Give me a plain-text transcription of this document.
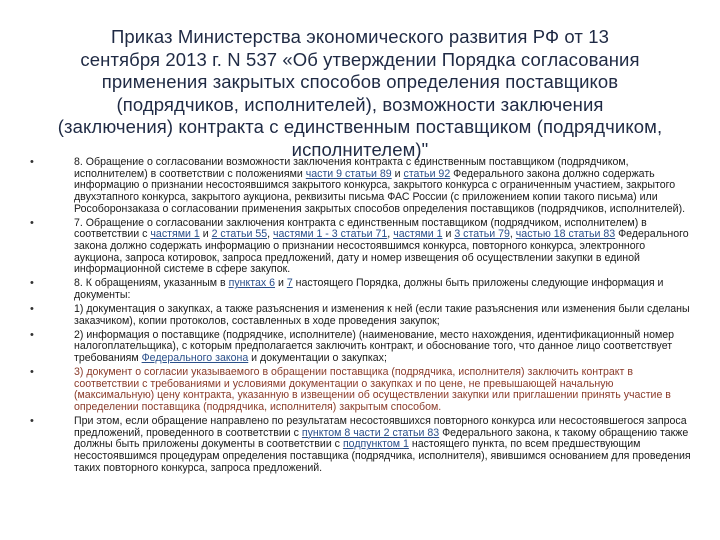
Приказ Министерства экономического развития РФ от 13
сентября 2013 г. N 537 «Об утверждении Порядка согласования
применения закрытых способов определения поставщиков
(подрядчиков, исполнителей), возможности заключения
(заключения) контракта с единственным поставщиком (подрядчиком,
исполнителем)"
•	8. Обращение о согласовании возможности заключения контракта с единственным поставщиком (подрядчиком, исполнителем) в соответствии с положениями части 9 статьи 89 и статьи 92 Федерального закона должно содержать информацию о признании несостоявшимся закрытого конкурса, закрытого конкурса с ограниченным участием, закрытого двухэтапного конкурса, закрытого аукциона, реквизиты письма ФАС России (с приложением копии такого письма) или Рособоронзаказа о согласовании применения закрытых способов определения поставщиков (подрядчиков, исполнителей).
•	7. Обращение о согласовании заключения контракта с единственным поставщиком (подрядчиком, исполнителем) в соответствии с частями 1 и 2 статьи 55, частями 1 - 3 статьи 71, частями 1 и 3 статьи 79, частью 18 статьи 83 Федерального закона должно содержать информацию о признании несостоявшимся конкурса, повторного конкурса, электронного аукциона, запроса котировок, запроса предложений, дату и номер извещения об осуществлении закупки в единой информационной системе в сфере закупок.
•	8. К обращениям, указанным в пунктах 6 и 7 настоящего Порядка, должны быть приложены следующие информация и документы:
•	1) документация о закупках, а также разъяснения и изменения к ней (если такие разъяснения или изменения были сделаны заказчиком), копии протоколов, составленных в ходе проведения закупок;
•	2) информация о поставщике (подрядчике, исполнителе) (наименование, место нахождения, идентификационный номер налогоплательщика), с которым предполагается заключить контракт, и обоснование того, что данное лицо соответствует требованиям Федерального закона и документации о закупках;
•	3) документ о согласии указываемого в обращении поставщика (подрядчика, исполнителя) заключить контракт в соответствии с требованиями и условиями документации о закупках и по цене, не превышающей начальную (максимальную) цену контракта, указанную в извещении об осуществлении закупки или приглашении принять участие в определении поставщика (подрядчика, исполнителя) закрытым способом.
•	При этом, если обращение направлено по результатам несостоявшихся повторного конкурса или несостоявшегося запроса предложений, проведенного в соответствии с пунктом 8 части 2 статьи 83 Федерального закона, к такому обращению также должны быть приложены документы в соответствии с подпунктом 1 настоящего пункта, по всем предшествующим несостоявшимся процедурам определения поставщика (подрядчика, исполнителя), явившимся основанием для проведения таких повторного конкурса, запроса предложений.
